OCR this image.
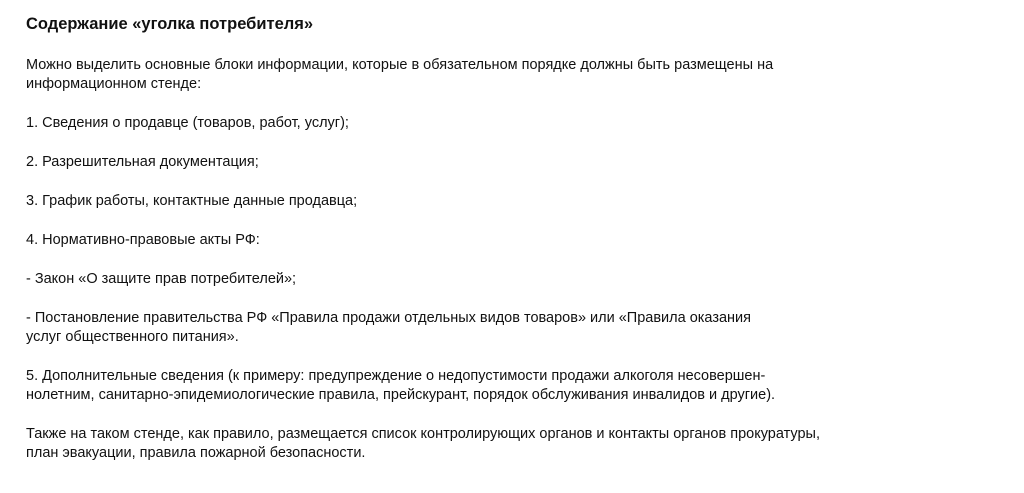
Содержание «уголка потребителя»
Можно выделить основные блоки информации, которые в обязательном порядке должны быть размещены на
информационном стенде:
1. Сведения о продавце (товаров, работ, услуг);
2. Разрешительная документация;
3. График работы, контактные данные продавца;
4. Нормативно-правовые акты РФ:
- Закон «О защите прав потребителей»;
- Постановление правительства РФ «Правила продажи отдельных видов товаров» или «Правила оказания
услуг общественного питания».
5. Дополнительные сведения (к примеру: предупреждение о недопустимости продажи алкоголя несовершен-
нолетним, санитарно-эпидемиологические правила, прейскурант, порядок обслуживания инвалидов и другие).
Также на таком стенде, как правило, размещается список контролирующих органов и контакты органов прокуратуры,
план эвакуации, правила пожарной безопасности.
